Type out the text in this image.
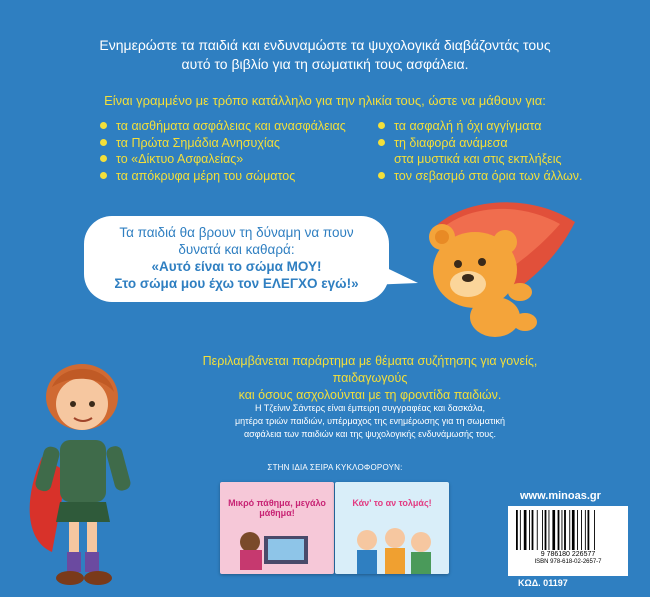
Ενημερώστε τα παιδιά και ενδυναμώστε τα ψυχολογικά διαβάζοντάς τους
αυτό το βιβλίο για τη σωματική τους ασφάλεια.
Είναι γραμμένο με τρόπο κατάλληλο για την ηλικία τους, ώστε να μάθουν για:
τα αισθήματα ασφάλειας και ανασφάλειας
τα Πρώτα Σημάδια Ανησυχίας
το «Δίκτυο Ασφαλείας»
τα απόκρυφα μέρη του σώματος
τα ασφαλή ή όχι αγγίγματα
τη διαφορά ανάμεσα
στα μυστικά και στις εκπλήξεις
τον σεβασμό στα όρια των άλλων.
Τα παιδιά θα βρουν τη δύναμη να πουν
δυνατά και καθαρά:
«Αυτό είναι το σώμα ΜΟΥ!
Στο σώμα μου έχω τον ΕΛΕΓΧΟ εγώ!»
Περιλαμβάνεται παράρτημα με θέματα συζήτησης για γονείς, παιδαγωγούς
και όσους ασχολούνται με τη φροντίδα παιδιών.
Η Τζείνιν Σάντερς είναι έμπειρη συγγραφέας και δασκάλα,
μητέρα τριών παιδιών, υπέρμαχος της ενημέρωσης για τη σωματική
ασφάλεια των παιδιών και της ψυχολογικής ενδυνάμωσής τους.
ΣΤΗΝ ΙΔΙΑ ΣΕΙΡΑ ΚΥΚΛΟΦΟΡΟΥΝ:
Μικρό πάθημα, μεγάλο μάθημα!
Κάν' το αν τολμάς!
www.minoas.gr
9 786180 226577
ISBN 978-618-02-2657-7
ΚΩΔ. 01197
